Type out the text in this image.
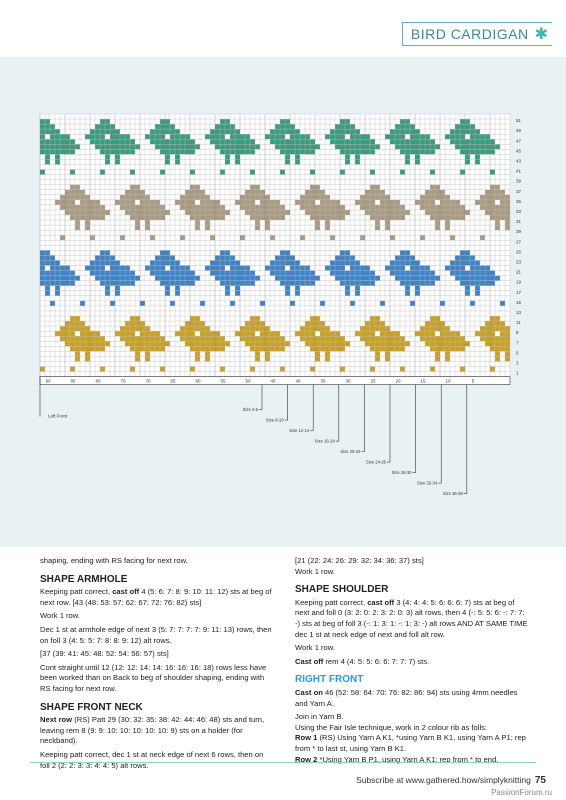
BIRD CARDIGAN ✱
51
49
47
45
43
41
39
37
35
33
31
29
27
25
23
21
19
17
15
13
11
9
7
5
3
1
90	85	80	75	70	65	60	55	50	45	40	35	30	25	20	15	10	5
Left Front
Size 4-6
Size 8-10
Size 12-14
Size 16-18
Size 20-22
Size 24-26
Size 28-30
Size 32-34
Size 36-38

shaping, ending with RS facing for next row.

SHAPE ARMHOLE

Keeping patt correct, cast off 4 (5: 6: 7: 8: 9: 10: 11: 12) sts at beg of next row. [43 (48: 53: 57: 62: 67: 72: 76: 82) sts]

Work 1 row.

Dec 1 st at armhole edge of next 3 (5: 7: 7: 7: 7: 9: 11: 13) rows, then on foll 3 (4: 5: 5: 7: 8: 8: 9: 12) alt rows.

[37 (39: 41: 45: 48: 52: 54: 56: 57) sts]

Cont straight until 12 (12: 12: 14: 14: 16: 16: 16: 18) rows less have been worked than on Back to beg of shoulder shaping, ending with RS facing for next row.

SHAPE FRONT NECK

Next row (RS) Patt 29 (30: 32: 35: 38: 42: 44: 46: 48) sts and turn, leaving rem 8 (9: 9: 10: 10: 10: 10: 10: 9) sts on a holder (for neckband).

Keeping patt correct, dec 1 st at neck edge of next 6 rows, then on foll 2 (2: 2: 3: 3: 4: 4: 5) alt rows.

[21 (22: 24: 26: 29: 32: 34: 36: 37) sts]

Work 1 row.

SHAPE SHOULDER

Keeping patt correct, cast off 3 (4: 4: 4: 5: 6: 6: 6: 7) sts at beg of next and foll 0 (3: 2: 0: 2: 3: 2: 0: 3) alt rows, then 4 (-: 5: 5: 6: -: 7: 7: -) sts at beg of foll 3 (-: 1: 3: 1: -: 1: 3: -) alt rows AND AT SAME TIME dec 1 st at neck edge of next and foll alt row.

Work 1 row.

Cast off rem 4 (4: 5: 5: 6: 6: 7: 7: 7) sts.

RIGHT FRONT

Cast on 46 (52: 58: 64: 70: 76: 82: 86: 94) sts using 4mm needles and Yarn A.

Join in Yarn B.

Using the Fair Isle technique, work in 2 colour rib as folls:

Row 1 (RS) Using Yarn A K1, *using Yarn B K1, using Yarn A P1; rep from * to last st, using Yarn B K1.

Row 2 *Using Yarn B P1, using Yarn A K1; rep from * to end.

Subscribe at www.gathered.how/simplyknitting 75
PassionForum.ru
